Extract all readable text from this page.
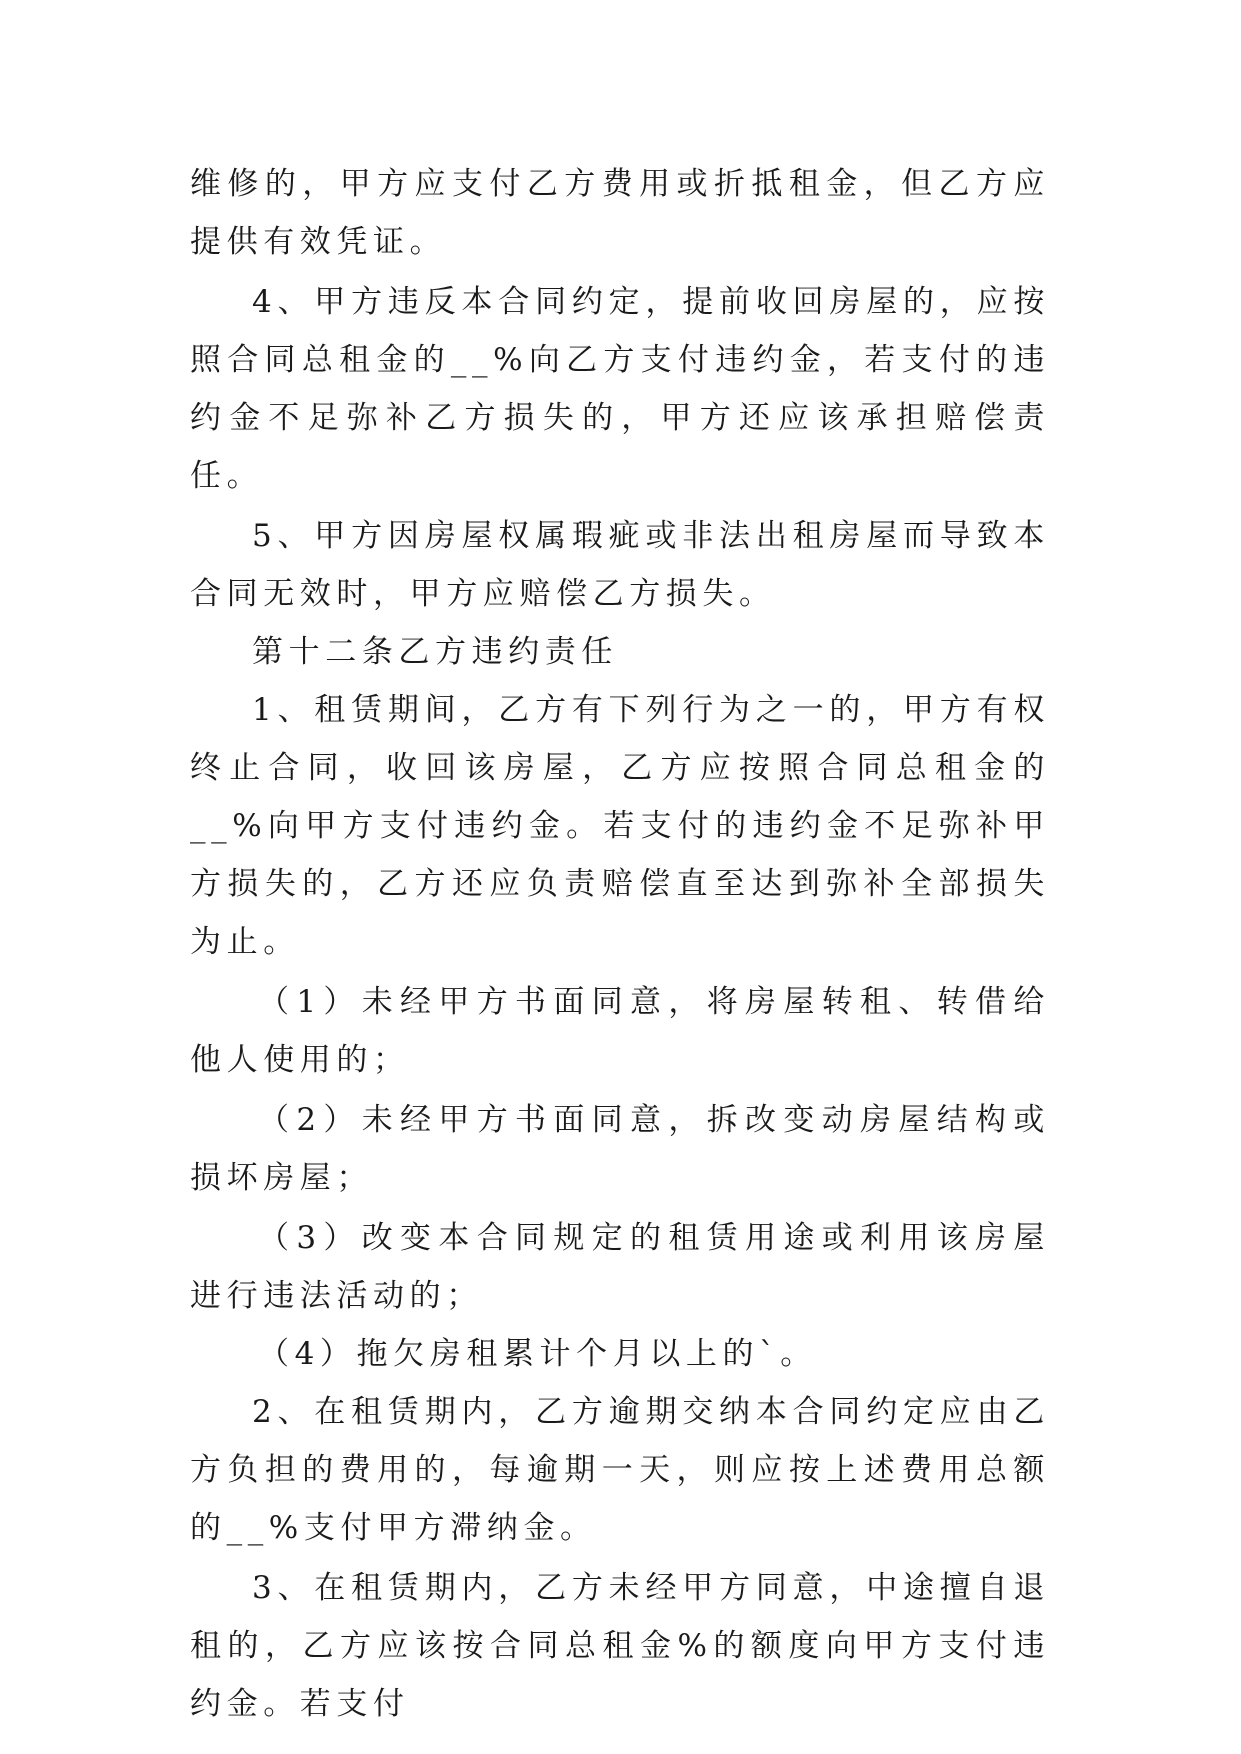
维修的，甲方应支付乙方费用或折抵租金，但乙方应提供有效凭证。

4、甲方违反本合同约定，提前收回房屋的，应按照合同总租金的__%向乙方支付违约金，若支付的违约金不足弥补乙方损失的，甲方还应该承担赔偿责任。

5、甲方因房屋权属瑕疵或非法出租房屋而导致本合同无效时，甲方应赔偿乙方损失。

第十二条乙方违约责任

1、租赁期间，乙方有下列行为之一的，甲方有权终止合同，收回该房屋，乙方应按照合同总租金的__%向甲方支付违约金。若支付的违约金不足弥补甲方损失的，乙方还应负责赔偿直至达到弥补全部损失为止。

（1）未经甲方书面同意，将房屋转租、转借给他人使用的；

（2）未经甲方书面同意，拆改变动房屋结构或损坏房屋；

（3）改变本合同规定的租赁用途或利用该房屋进行违法活动的；

（4）拖欠房租累计个月以上的`。

2、在租赁期内，乙方逾期交纳本合同约定应由乙方负担的费用的，每逾期一天，则应按上述费用总额的__%支付甲方滞纳金。

3、在租赁期内，乙方未经甲方同意，中途擅自退租的，乙方应该按合同总租金%的额度向甲方支付违约金。若支付
